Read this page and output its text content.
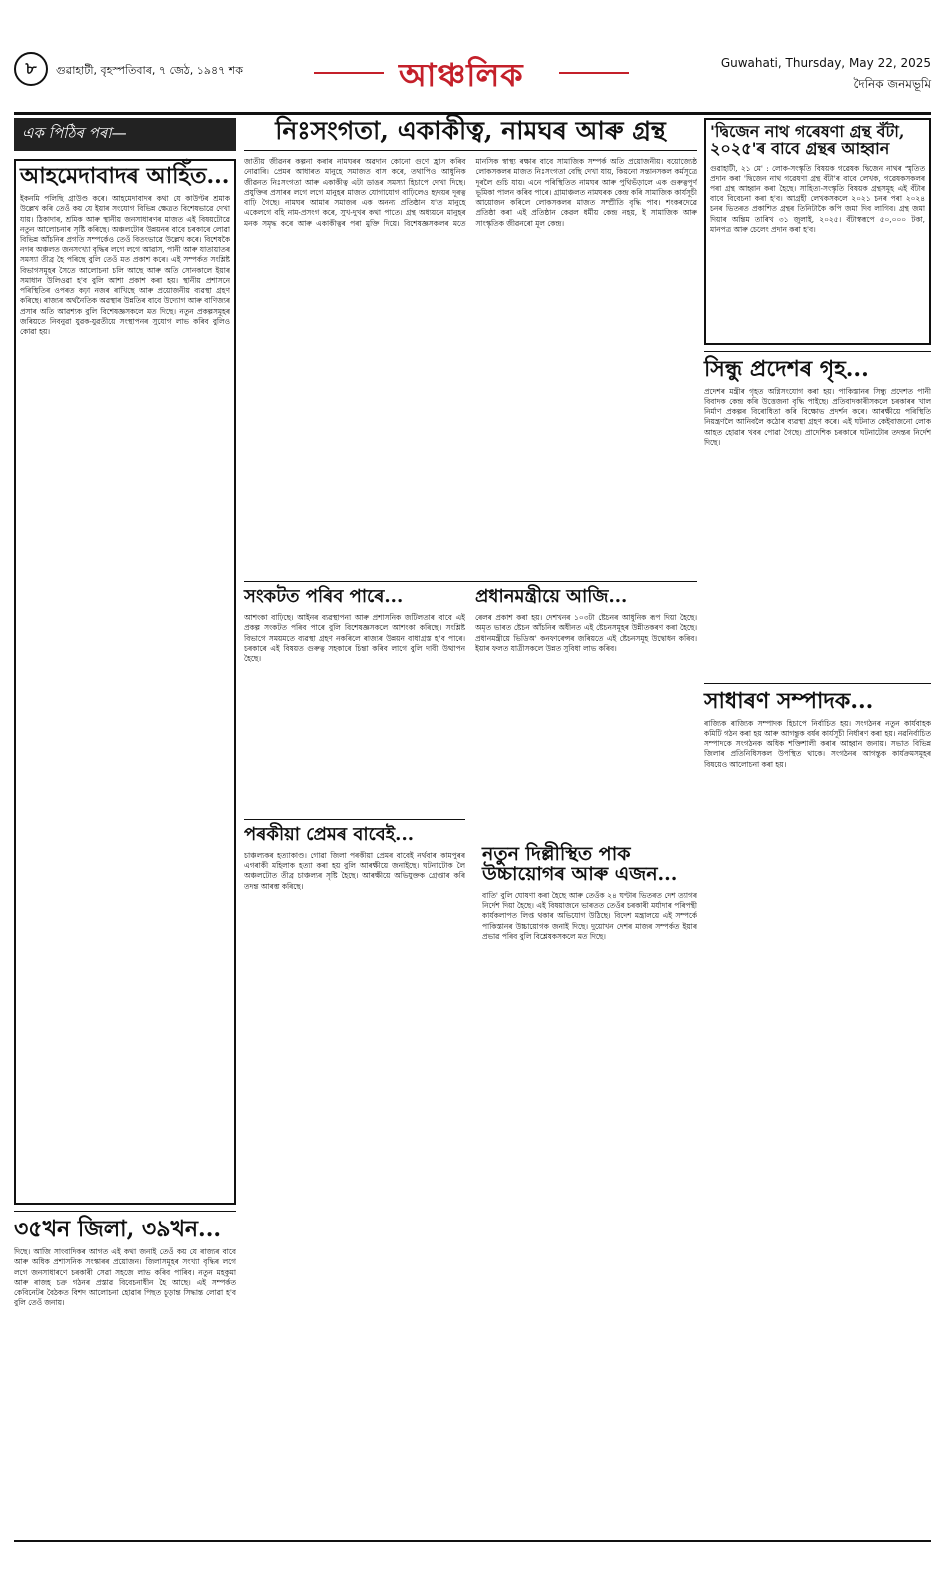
৮	গুৱাহাটী, বৃহস্পতিবাৰ, ৭ জেঠ, ১৯৪৭ শক	আঞ্চলিক	Guwahati, Thursday, May 22, 2025
দৈনিক জনমভূমি
এক পিঠিৰ পৰা—
আহমেদাবাদৰ আহিঁত...
ইকনমি পলিছি গ্ৰাউণ্ড কৰে। আহমেদাবাদৰ কথা যে কাউণ্টৰ শ্ৰমাক উল্লেখ কৰি তেওঁ কয় যে ইয়াৰ সংযোগ বিভিন্ন ক্ষেত্ৰত বিশেষভাৱে দেখা যায়। ঠিকাদাৰ, শ্ৰমিক আৰু স্থানীয় জনসাধাৰণৰ মাজত এই বিষয়টোৱে নতুন আলোচনাৰ সৃষ্টি কৰিছে। অঞ্চলটোৰ উন্নয়নৰ বাবে চৰকাৰে লোৱা বিভিন্ন আঁচনিৰ প্ৰগতি সম্পৰ্কেও তেওঁ বিতংভাৱে উল্লেখ কৰে। বিশেষকৈ নগৰ অঞ্চলত জনসংখ্যা বৃদ্ধিৰ লগে লগে আৱাস, পানী আৰু যাতায়াতৰ সমস্যা তীব্ৰ হৈ পৰিছে বুলি তেওঁ মত প্ৰকাশ কৰে। এই সম্পৰ্কত সংশ্লিষ্ট বিভাগসমূহৰ সৈতে আলোচনা চলি আছে আৰু অতি সোনকালে ইয়াৰ সমাধান উলিওৱা হ'ব বুলি আশা প্ৰকাশ কৰা হয়। স্থানীয় প্ৰশাসনে পৰিস্থিতিৰ ওপৰত কঢ়া নজৰ ৰাখিছে আৰু প্ৰয়োজনীয় ব্যৱস্থা গ্ৰহণ কৰিছে। ৰাজ্যৰ অৰ্থনৈতিক অৱস্থাৰ উন্নতিৰ বাবে উদ্যোগ আৰু বাণিজ্যৰ প্ৰসাৰ অতি আৱশ্যক বুলি বিশেষজ্ঞসকলে মত দিছে। নতুন প্ৰকল্পসমূহৰ জৰিয়তে নিবনুৱা যুৱক-যুৱতীয়ে সংস্থাপনৰ সুযোগ লাভ কৰিব বুলিও কোৱা হয়।
৩৫খন জিলা, ৩৯খন...
দিছে। আজি সাংবাদিকৰ আগত এই কথা জনাই তেওঁ কয় যে ৰাজ্যৰ বাবে আৰু অধিক প্ৰশাসনিক সংস্কাৰৰ প্ৰয়োজন। জিলাসমূহৰ সংখ্যা বৃদ্ধিৰ লগে লগে জনসাধাৰণে চৰকাৰী সেৱা সহজে লাভ কৰিব পাৰিব। নতুন মহকুমা আৰু ৰাজহ চক্ৰ গঠনৰ প্ৰস্তাৱ বিবেচনাধীন হৈ আছে। এই সম্পৰ্কত কেবিনেটৰ বৈঠকত বিশদ আলোচনা হোৱাৰ পিছত চূড়ান্ত সিদ্ধান্ত লোৱা হ'ব বুলি তেওঁ জনায়।
নিঃসংগতা, একাকীত্ব, নামঘৰ আৰু গ্ৰন্থ
জাতীয় জীৱনৰ কল্পনা কৰাৰ নামঘৰৰ অৱদান কোনো গুণে হ্ৰাস কৰিব নোৱাৰি। প্ৰেমৰ আধাৰত মানুহে সমাজত বাস কৰে, তথাপিও আধুনিক জীৱনত নিঃসংগতা আৰু একাকীত্ব এটা ডাঙৰ সমস্যা হিচাপে দেখা দিছে। প্ৰযুক্তিৰ প্ৰসাৰৰ লগে লগে মানুহৰ মাজত যোগাযোগ বাঢ়িলেও হৃদয়ৰ দূৰত্ব বাঢ়ি গৈছে। নামঘৰ আমাৰ সমাজৰ এক অনন্য প্ৰতিষ্ঠান য'ত মানুহে একেলগে বহি নাম-প্ৰসংগ কৰে, সুখ-দুখৰ কথা পাতে। গ্ৰন্থ অধ্যয়নে মানুহৰ মনক সমৃদ্ধ কৰে আৰু একাকীত্বৰ পৰা মুক্তি দিয়ে। বিশেষজ্ঞসকলৰ মতে মানসিক স্বাস্থ্য ৰক্ষাৰ বাবে সামাজিক সম্পৰ্ক অতি প্ৰয়োজনীয়। বয়োজ্যেষ্ঠ লোকসকলৰ মাজত নিঃসংগতা বেছি দেখা যায়, কিয়নো সন্তানসকল কৰ্মসূত্ৰে দূৰলৈ গুচি যায়। এনে পৰিস্থিতিত নামঘৰ আৰু পুথিভঁড়ালে এক গুৰুত্বপূৰ্ণ ভূমিকা পালন কৰিব পাৰে। গ্ৰামাঞ্চলত নামঘৰক কেন্দ্ৰ কৰি সামাজিক কাৰ্যসূচী আয়োজন কৰিলে লোকসকলৰ মাজত সম্প্ৰীতি বৃদ্ধি পাব। শংকৰদেৱে প্ৰতিষ্ঠা কৰা এই প্ৰতিষ্ঠান কেৱল ধৰ্মীয় কেন্দ্ৰ নহয়, ই সামাজিক আৰু সাংস্কৃতিক জীৱনৰো মূল কেন্দ্ৰ।
সংকটত পৰিব পাৰে...
আশংকা বাঢ়িছে। আইনৰ ব্যৱস্থাপনা আৰু প্ৰশাসনিক জটিলতাৰ বাবে এই প্ৰকল্প সংকটত পৰিব পাৰে বুলি বিশেষজ্ঞসকলে আশংকা কৰিছে। সংশ্লিষ্ট বিভাগে সময়মতে ব্যৱস্থা গ্ৰহণ নকৰিলে ৰাজ্যৰ উন্নয়ন বাধাগ্ৰস্ত হ'ব পাৰে। চৰকাৰে এই বিষয়ত গুৰুত্ব সহকাৰে চিন্তা কৰিব লাগে বুলি দাবী উত্থাপন হৈছে।
পৰকীয়া প্ৰেমৰ বাবেই...
চাঞ্চল্যকৰ হত্যাকাণ্ড। গোৱা জিলা পৰকীয়া প্ৰেমৰ বাবেই নৰ্থবাৰ কামপুৰৰ এগৰাকী মহিলাক হত্যা কৰা হয় বুলি আৰক্ষীয়ে জনাইছে। ঘটনাটোক লৈ অঞ্চলটোত তীব্ৰ চাঞ্চল্যৰ সৃষ্টি হৈছে। আৰক্ষীয়ে অভিযুক্তক গ্ৰেপ্তাৰ কৰি তদন্ত আৰম্ভ কৰিছে।
প্ৰধানমন্ত্ৰীয়ে আজি...
ৰেলৰ প্ৰকাশ কৰা হয়। দেশখনৰ ১০৩টা ষ্টেচনৰ আধুনিক ৰূপ দিয়া হৈছে। অমৃত ভাৰত ষ্টেচন আঁচনিৰ অধীনত এই ষ্টেচনসমূহৰ উন্নীতকৰণ কৰা হৈছে। প্ৰধানমন্ত্ৰীয়ে ভিডিঅ' কনফাৰেন্সৰ জৰিয়তে এই ষ্টেচনসমূহ উদ্বোধন কৰিব। ইয়াৰ ফলত যাত্ৰীসকলে উন্নত সুবিধা লাভ কৰিব।
নতুন দিল্লীস্থিত পাক উচ্চায়োগৰ আৰু এজন...
বাতি' বুলি ঘোষণা কৰা হৈছে আৰু তেওঁক ২৪ ঘণ্টাৰ ভিতৰত দেশ ত্যাগৰ নিৰ্দেশ দিয়া হৈছে। এই বিষয়াজনে ভাৰতত তেওঁৰ চৰকাৰী মৰ্যাদাৰ পৰিপন্থী কাৰ্যকলাপত লিপ্ত থকাৰ অভিযোগ উঠিছে। বিদেশ মন্ত্ৰালয়ে এই সম্পৰ্কে পাকিস্তানৰ উচ্চায়োগক জনাই দিছে। দুয়োখন দেশৰ মাজৰ সম্পৰ্কত ইয়াৰ প্ৰভাৱ পৰিব বুলি বিশ্লেষকসকলে মত দিছে।
'দ্বিজেন নাথ গৰেষণা গ্ৰন্থ বঁটা, ২০২৫'ৰ বাবে গ্ৰন্থৰ আহ্বান
গুৱাহাটী, ২১ মে' : লোক-সংস্কৃতি বিষয়ক গৱেষক দ্বিজেন নাথৰ স্মৃতিত প্ৰদান কৰা 'দ্বিজেন নাথ গৱেষণা গ্ৰন্থ বঁটা'ৰ বাবে লেখক, গৱেষকসকলৰ পৰা গ্ৰন্থ আহ্বান কৰা হৈছে। সাহিত্য-সংস্কৃতি বিষয়ক গ্ৰন্থসমূহ এই বঁটাৰ বাবে বিবেচনা কৰা হ'ব। আগ্ৰহী লেখকসকলে ২০২১ চনৰ পৰা ২০২৪ চনৰ ভিতৰত প্ৰকাশিত গ্ৰন্থৰ তিনিটাকৈ কপি জমা দিব লাগিব। গ্ৰন্থ জমা দিয়াৰ অন্তিম তাৰিখ ৩১ জুলাই, ২০২৫। বঁটাস্বৰূপে ৫০,০০০ টকা, মানপত্ৰ আৰু চেলেং প্ৰদান কৰা হ'ব।
সিন্ধু প্ৰদেশৰ গৃহ...
প্ৰদেশৰ মন্ত্ৰীৰ গৃহত অগ্নিসংযোগ কৰা হয়। পাকিস্তানৰ সিন্ধু প্ৰদেশত পানী বিবাদক কেন্দ্ৰ কৰি উত্তেজনা বৃদ্ধি পাইছে। প্ৰতিবাদকাৰীসকলে চৰকাৰৰ খাল নিৰ্মাণ প্ৰকল্পৰ বিৰোধিতা কৰি বিক্ষোভ প্ৰদৰ্শন কৰে। আৰক্ষীয়ে পৰিস্থিতি নিয়ন্ত্ৰণলৈ আনিবলৈ কঠোৰ ব্যৱস্থা গ্ৰহণ কৰে। এই ঘটনাত কেইবাজনো লোক আহত হোৱাৰ খবৰ পোৱা গৈছে। প্ৰাদেশিক চৰকাৰে ঘটনাটোৰ তদন্তৰ নিৰ্দেশ দিছে।
সাধাৰণ সম্পাদক...
ৰাজ্যিক ৰাজ্যিক সম্পাদক হিচাপে নিৰ্বাচিত হয়। সংগঠনৰ নতুন কাৰ্যবাহক কমিটি গঠন কৰা হয় আৰু আগন্তুক বৰ্ষৰ কাৰ্যসূচী নিৰ্ধাৰণ কৰা হয়। নৱনিৰ্বাচিত সম্পাদকে সংগঠনক অধিক শক্তিশালী কৰাৰ আহ্বান জনায়। সভাত বিভিন্ন জিলাৰ প্ৰতিনিধিসকল উপস্থিত থাকে। সংগঠনৰ আগন্তুক কাৰ্যক্ৰমসমূহৰ বিষয়েও আলোচনা কৰা হয়।
